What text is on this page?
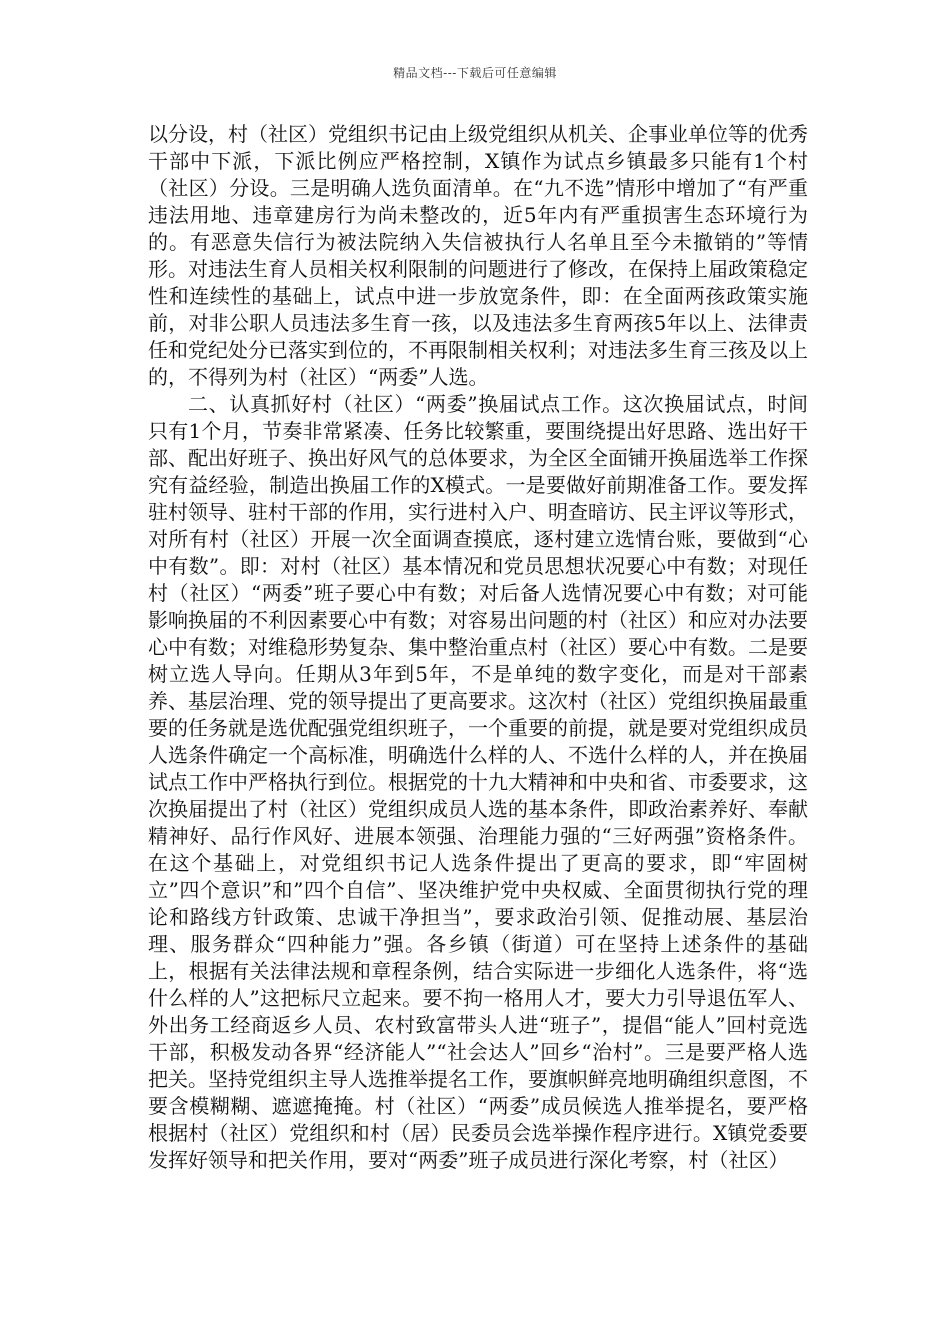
精品文档---下载后可任意编辑

以分设，村（社区）党组织书记由上级党组织从机关、企事业单位等的优秀干部中下派，下派比例应严格控制，X镇作为试点乡镇最多只能有1个村（社区）分设。三是明确人选负面清单。在“九不选”情形中增加了“有严重违法用地、违章建房行为尚未整改的，近5年内有严重损害生态环境行为的。有恶意失信行为被法院纳入失信被执行人名单且至今未撤销的”等情形。对违法生育人员相关权利限制的问题进行了修改，在保持上届政策稳定性和连续性的基础上，试点中进一步放宽条件，即：在全面两孩政策实施前，对非公职人员违法多生育一孩，以及违法多生育两孩5年以上、法律责任和党纪处分已落实到位的，不再限制相关权利；对违法多生育三孩及以上的，不得列为村（社区）“两委”人选。

二、认真抓好村（社区）“两委”换届试点工作。这次换届试点，时间只有1个月，节奏非常紧凑、任务比较繁重，要围绕提出好思路、选出好干部、配出好班子、换出好风气的总体要求，为全区全面铺开换届选举工作探究有益经验，制造出换届工作的X模式。一是要做好前期准备工作。要发挥驻村领导、驻村干部的作用，实行进村入户、明查暗访、民主评议等形式，对所有村（社区）开展一次全面调查摸底，逐村建立选情台账，要做到“心中有数”。即：对村（社区）基本情况和党员思想状况要心中有数；对现任村（社区）“两委”班子要心中有数；对后备人选情况要心中有数；对可能影响换届的不利因素要心中有数；对容易出问题的村（社区）和应对办法要心中有数；对维稳形势复杂、集中整治重点村（社区）要心中有数。二是要树立选人导向。任期从3年到5年，不是单纯的数字变化，而是对干部素养、基层治理、党的领导提出了更高要求。这次村（社区）党组织换届最重要的任务就是选优配强党组织班子，一个重要的前提，就是要对党组织成员人选条件确定一个高标准，明确选什么样的人、不选什么样的人，并在换届试点工作中严格执行到位。根据党的十九大精神和中央和省、市委要求，这次换届提出了村（社区）党组织成员人选的基本条件，即政治素养好、奉献精神好、品行作风好、进展本领强、治理能力强的“三好两强”资格条件。在这个基础上，对党组织书记人选条件提出了更高的要求，即“牢固树立”四个意识”和”四个自信”、坚决维护党中央权威、全面贯彻执行党的理论和路线方针政策、忠诚干净担当”，要求政治引领、促推动展、基层治理、服务群众“四种能力”强。各乡镇（街道）可在坚持上述条件的基础上，根据有关法律法规和章程条例，结合实际进一步细化人选条件，将“选什么样的人”这把标尺立起来。要不拘一格用人才，要大力引导退伍军人、外出务工经商返乡人员、农村致富带头人进“班子”，提倡“能人”回村竞选干部，积极发动各界“经济能人”“社会达人”回乡“治村”。三是要严格人选把关。坚持党组织主导人选推举提名工作，要旗帜鲜亮地明确组织意图，不要含模糊糊、遮遮掩掩。村（社区）“两委”成员候选人推举提名，要严格根据村（社区）党组织和村（居）民委员会选举操作程序进行。X镇党委要发挥好领导和把关作用，要对“两委”班子成员进行深化考察，村（社区）
